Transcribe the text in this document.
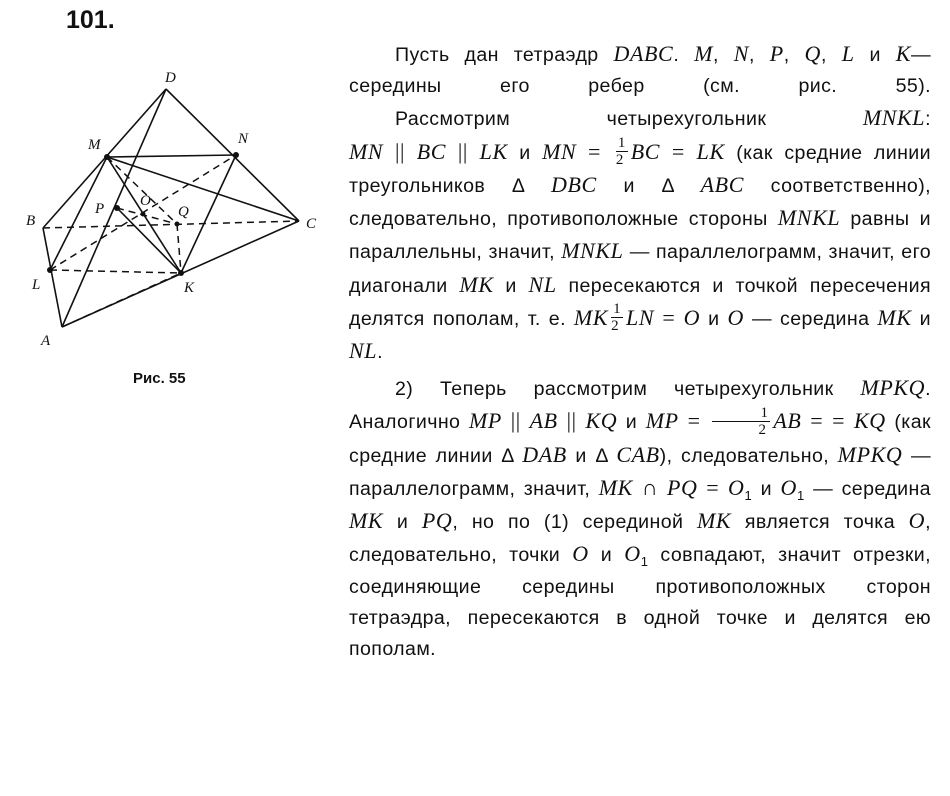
101.
D
M	N
B	C
P O
Q
L	K
A
Рис. 55

Пусть дан тетраэдр DABC. M, N, P, Q, L и K— середины его ребер (см. рис. 55).

Рассмотрим четырехугольник MNKL:

MN || BC || LK и MN = $\frac{1}{2}$ BC = LK (как средние линии треугольников Δ DBC и Δ ABC соответственно), следовательно, противоположные стороны MNKL равны и параллельны, значит, MNKL — параллелограмм, значит, его диагонали MK и NL пересекаются и точкой пересечения делятся пополам, т. е. MK $\frac{1}{2}$ LN = O и O — середина MK и NL.

2) Теперь рассмотрим четырехугольник MPKQ. Аналогично MP || AB || KQ и MP = $\frac{1}{2}$ AB = = KQ (как средние линии Δ DAB и Δ CAB), следовательно, MPKQ — параллелограмм, значит, MK ∩ PQ = $O_1$ и $O_1$ — середина MK и PQ, но по (1) серединой MK является точка O, следовательно, точки O и $O_1$ совпадают, значит отрезки, соединяющие середины противоположных сторон тетраэдра, пересекаются в одной точке и делятся ею пополам.
